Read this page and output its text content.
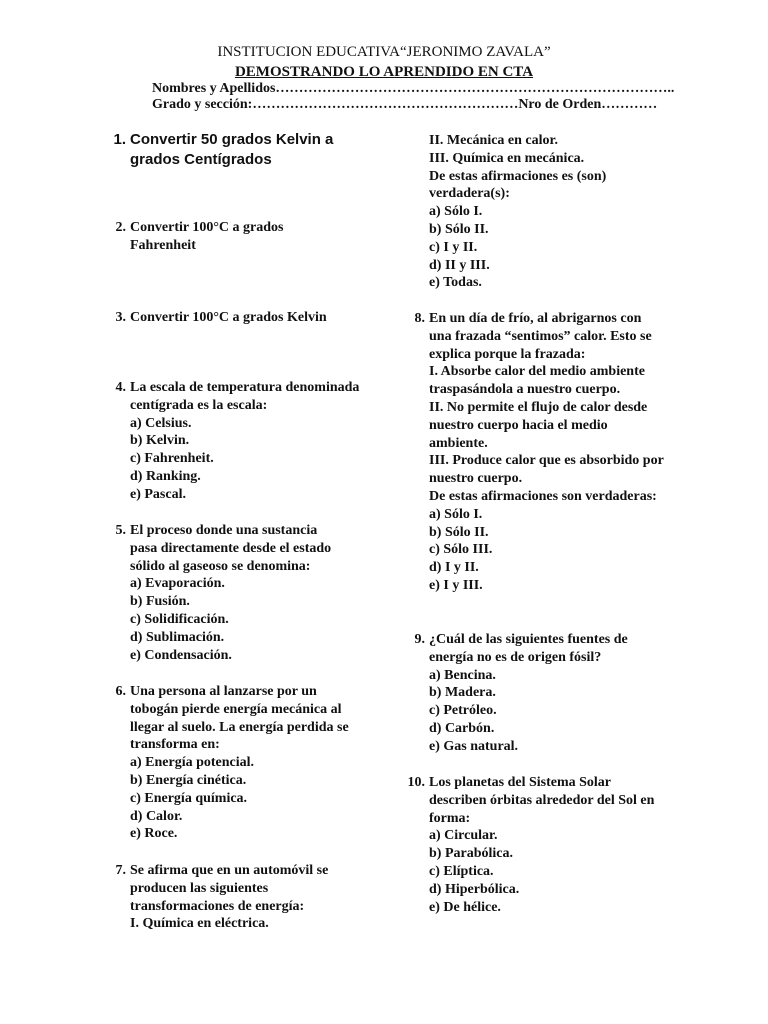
INSTITUCION EDUCATIVA“JERONIMO ZAVALA”
DEMOSTRANDO LO APRENDIDO EN CTA
Nombres y Apellidos…………………………………………………………………………..
Grado y sección:…………………………………………………Nro de Orden…………
1. Convertir 50 grados Kelvin a grados Centígrados
2. Convertir 100°C a grados Fahrenheit
3. Convertir 100°C a grados Kelvin
4. La escala de temperatura denominada centígrada es la escala:
a) Celsius.
b) Kelvin.
c) Fahrenheit.
d) Ranking.
e) Pascal.
5. El proceso donde una sustancia pasa directamente desde el estado sólido al gaseoso se denomina:
a) Evaporación.
b) Fusión.
c) Solidificación.
d) Sublimación.
e) Condensación.
6. Una persona al lanzarse por un tobogán pierde energía mecánica al llegar al suelo. La energía perdida se transforma en:
a) Energía potencial.
b) Energía cinética.
c) Energía química.
d) Calor.
e) Roce.
7. Se afirma que en un automóvil se producen las siguientes transformaciones de energía:
I. Química en eléctrica.
II. Mecánica en calor.
III. Química en mecánica.
De estas afirmaciones es (son) verdadera(s):
a) Sólo I.
b) Sólo II.
c) I y II.
d) II y III.
e) Todas.
8. En un día de frío, al abrigarnos con una frazada “sentimos” calor. Esto se explica porque la frazada:
I. Absorbe calor del medio ambiente traspasándola a nuestro cuerpo.
II. No permite el flujo de calor desde nuestro cuerpo hacia el medio ambiente.
III. Produce calor que es absorbido por nuestro cuerpo.
De estas afirmaciones son verdaderas:
a) Sólo I.
b) Sólo II.
c) Sólo III.
d) I y II.
e) I y III.
9. ¿Cuál de las siguientes fuentes de energía no es de origen fósil?
a) Bencina.
b) Madera.
c) Petróleo.
d) Carbón.
e) Gas natural.
10. Los planetas del Sistema Solar describen órbitas alrededor del Sol en forma:
a) Circular.
b) Parabólica.
c) Elíptica.
d) Hiperbólica.
e) De hélice.
